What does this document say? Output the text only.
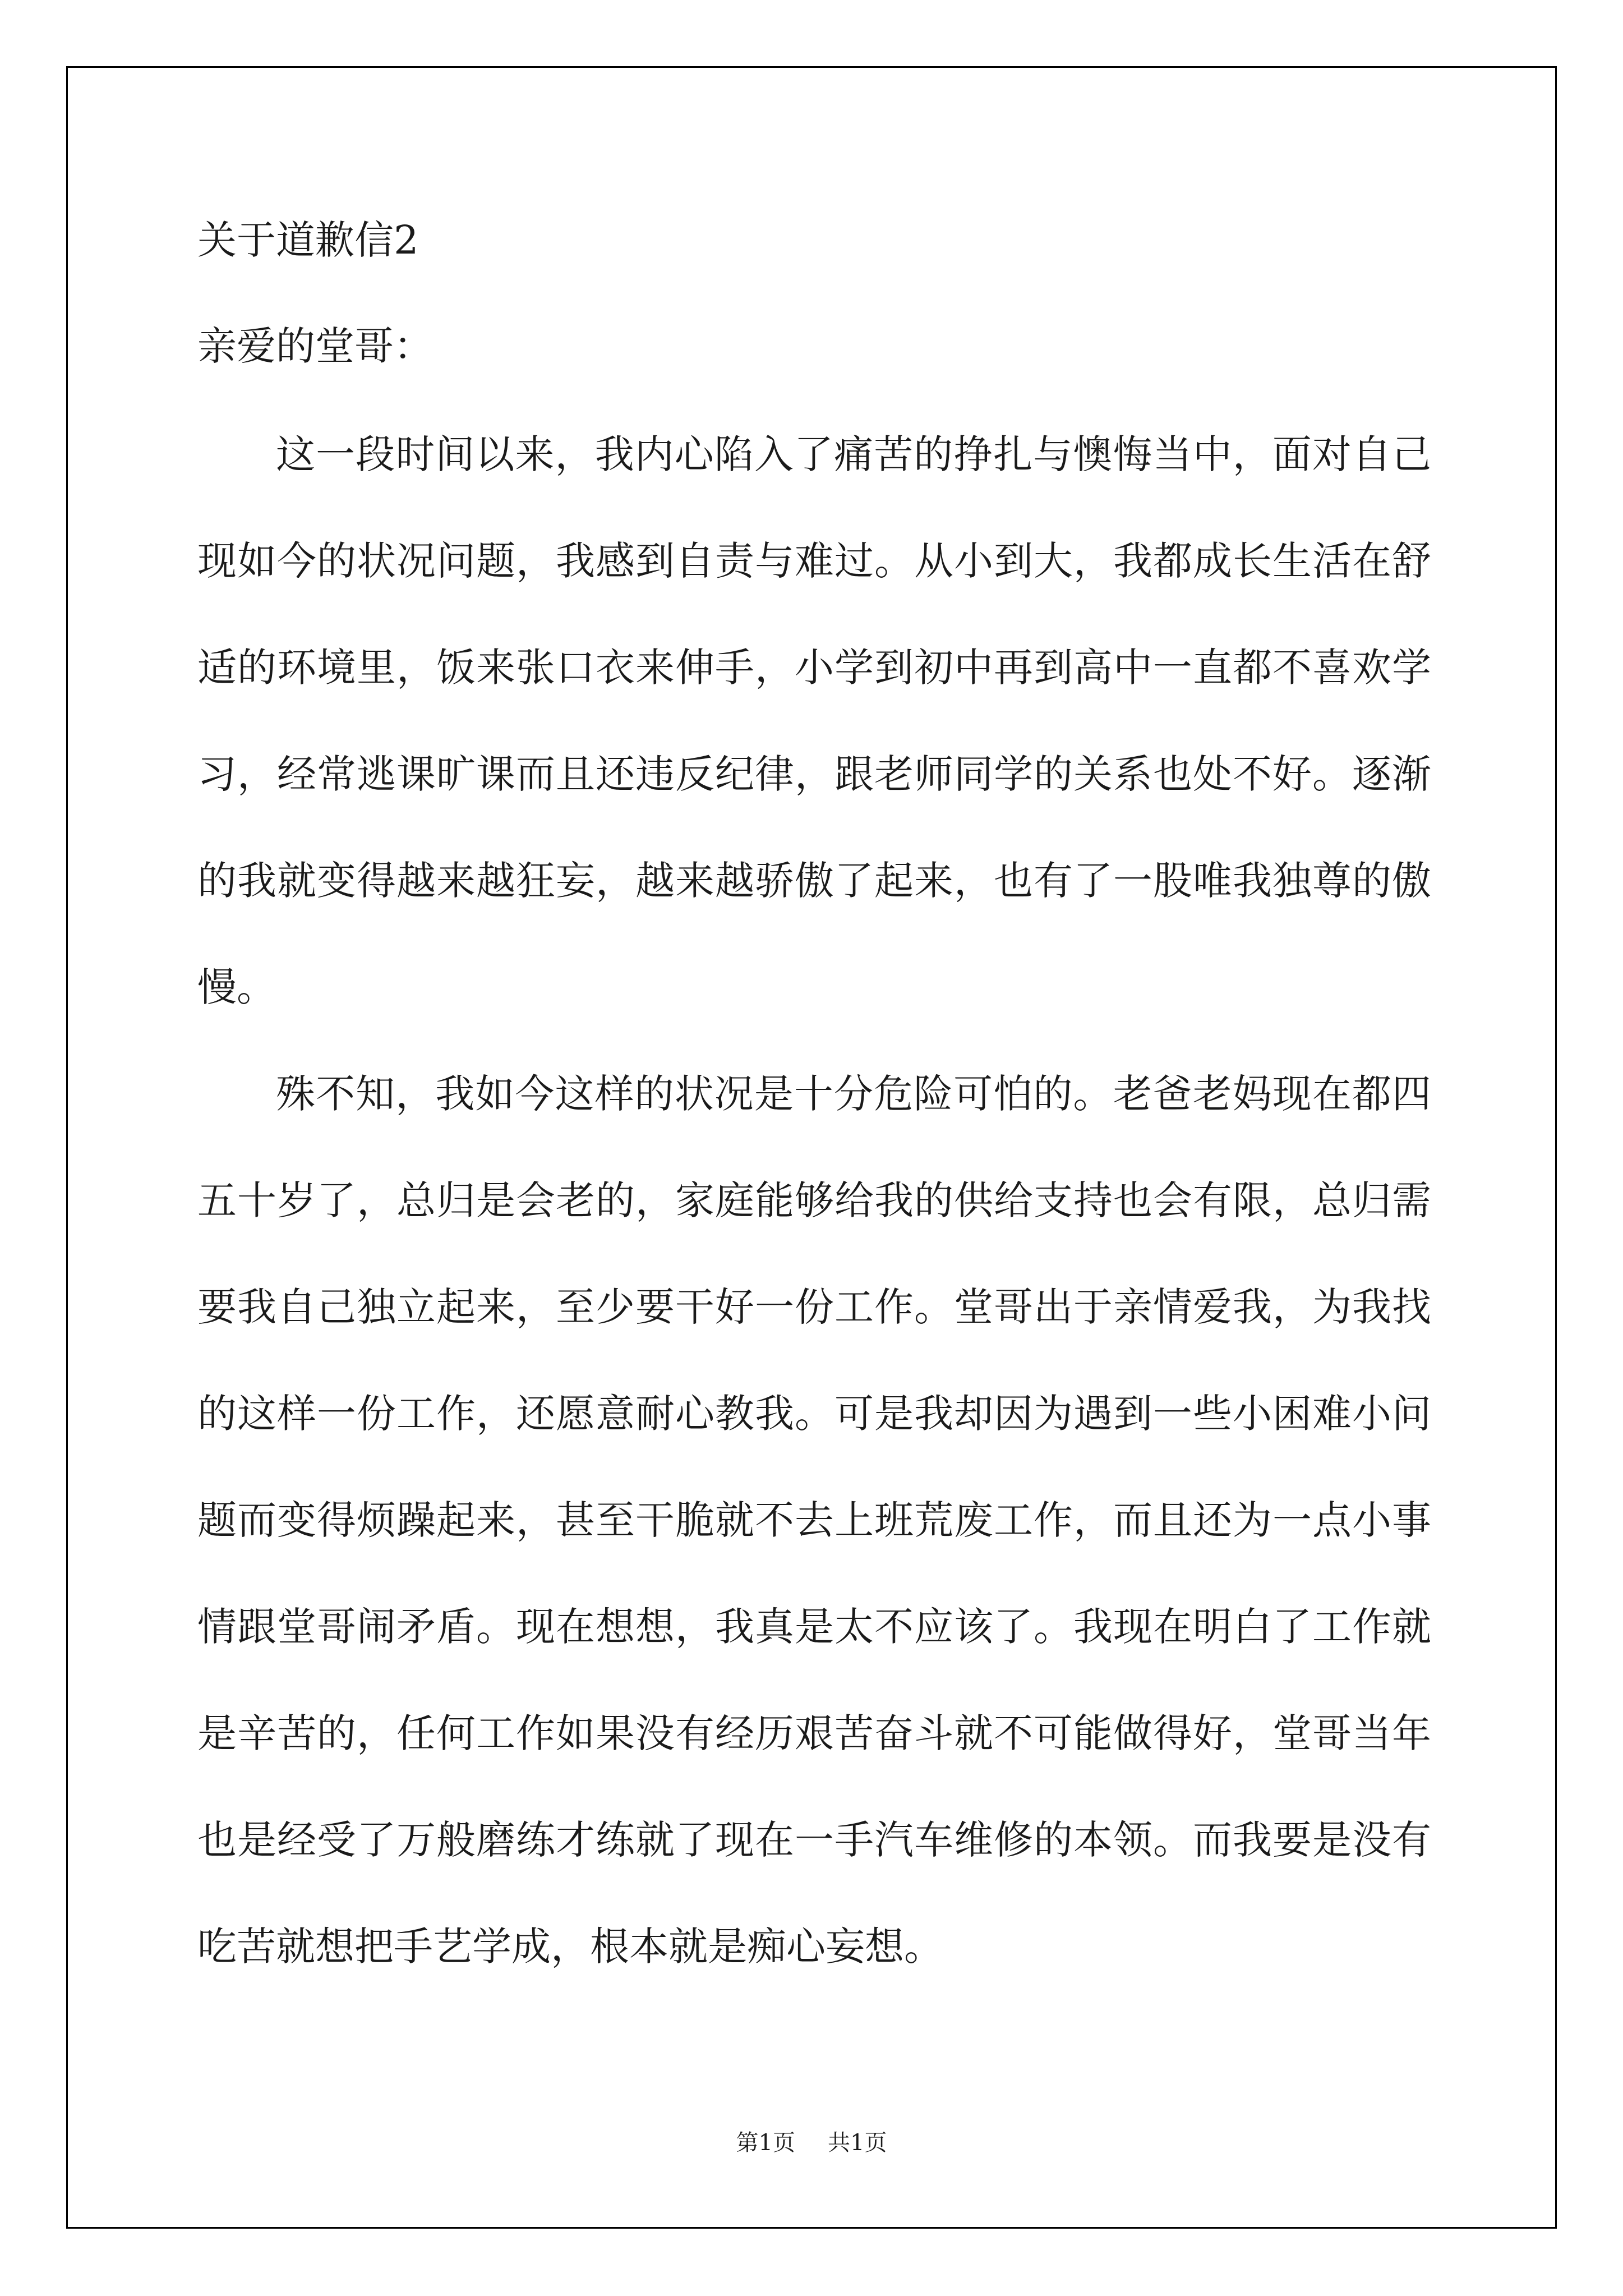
关于道歉信2

亲爱的堂哥：

这一段时间以来，我内心陷入了痛苦的挣扎与懊悔当中，面对自己现如今的状况问题，我感到自责与难过。从小到大，我都成长生活在舒适的环境里，饭来张口衣来伸手，小学到初中再到高中一直都不喜欢学习，经常逃课旷课而且还违反纪律，跟老师同学的关系也处不好。逐渐的我就变得越来越狂妄，越来越骄傲了起来，也有了一股唯我独尊的傲慢。

殊不知，我如今这样的状况是十分危险可怕的。老爸老妈现在都四五十岁了，总归是会老的，家庭能够给我的供给支持也会有限，总归需要我自己独立起来，至少要干好一份工作。堂哥出于亲情爱我，为我找的这样一份工作，还愿意耐心教我。可是我却因为遇到一些小困难小问题而变得烦躁起来，甚至干脆就不去上班荒废工作，而且还为一点小事情跟堂哥闹矛盾。现在想想，我真是太不应该了。我现在明白了工作就是辛苦的，任何工作如果没有经历艰苦奋斗就不可能做得好，堂哥当年也是经受了万般磨练才练就了现在一手汽车维修的本领。而我要是没有吃苦就想把手艺学成，根本就是痴心妄想。

第1页 共1页
